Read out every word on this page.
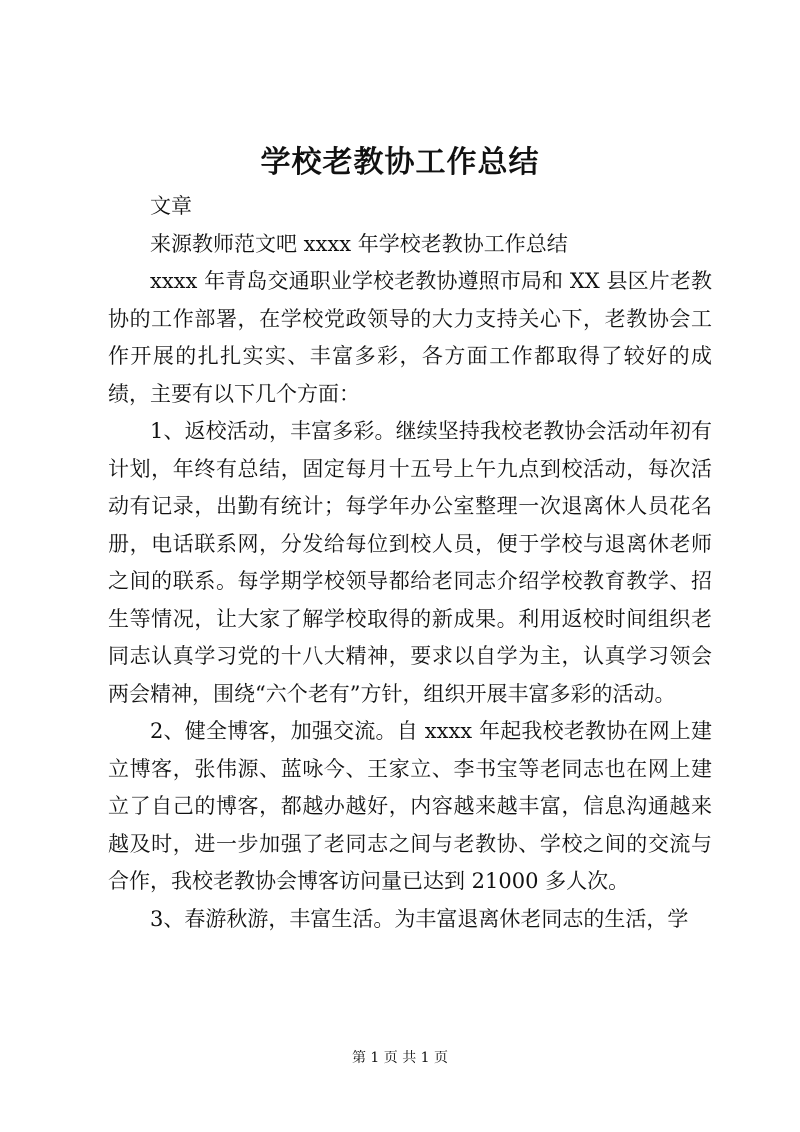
学校老教协工作总结

文章

来源教师范文吧 xxxx 年学校老教协工作总结

xxxx 年青岛交通职业学校老教协遵照市局和 XX 县区片老教协的工作部署，在学校党政领导的大力支持关心下，老教协会工作开展的扎扎实实、丰富多彩，各方面工作都取得了较好的成绩，主要有以下几个方面：

1、返校活动，丰富多彩。继续坚持我校老教协会活动年初有计划，年终有总结，固定每月十五号上午九点到校活动，每次活动有记录，出勤有统计；每学年办公室整理一次退离休人员花名册，电话联系网，分发给每位到校人员，便于学校与退离休老师之间的联系。每学期学校领导都给老同志介绍学校教育教学、招生等情况，让大家了解学校取得的新成果。利用返校时间组织老同志认真学习党的十八大精神，要求以自学为主，认真学习领会两会精神，围绕“六个老有”方针，组织开展丰富多彩的活动。

2、健全博客，加强交流。自 xxxx 年起我校老教协在网上建立博客，张伟源、蓝咏今、王家立、李书宝等老同志也在网上建立了自己的博客，都越办越好，内容越来越丰富，信息沟通越来越及时，进一步加强了老同志之间与老教协、学校之间的交流与合作，我校老教协会博客访问量已达到 21000 多人次。

3、春游秋游，丰富生活。为丰富退离休老同志的生活，学

第 1 页 共 1 页
